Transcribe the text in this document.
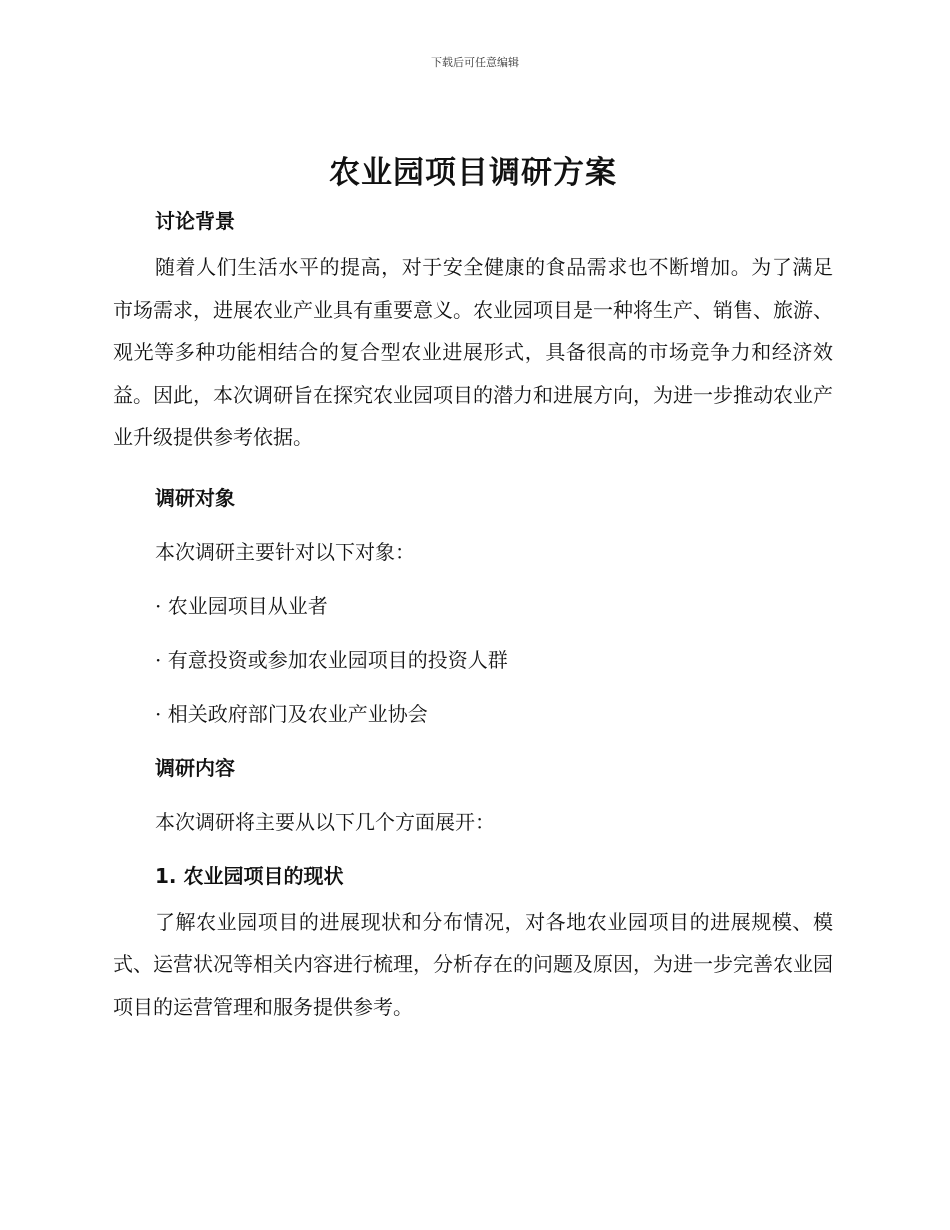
下载后可任意编辑
农业园项目调研方案
讨论背景

随着人们生活水平的提高，对于安全健康的食品需求也不断增加。为了满足市场需求，进展农业产业具有重要意义。农业园项目是一种将生产、销售、旅游、观光等多种功能相结合的复合型农业进展形式，具备很高的市场竞争力和经济效益。因此，本次调研旨在探究农业园项目的潜力和进展方向，为进一步推动农业产业升级提供参考依据。

调研对象

本次调研主要针对以下对象：

· 农业园项目从业者

· 有意投资或参加农业园项目的投资人群

· 相关政府部门及农业产业协会

调研内容

本次调研将主要从以下几个方面展开：

1. 农业园项目的现状

了解农业园项目的进展现状和分布情况，对各地农业园项目的进展规模、模式、运营状况等相关内容进行梳理，分析存在的问题及原因，为进一步完善农业园项目的运营管理和服务提供参考。
